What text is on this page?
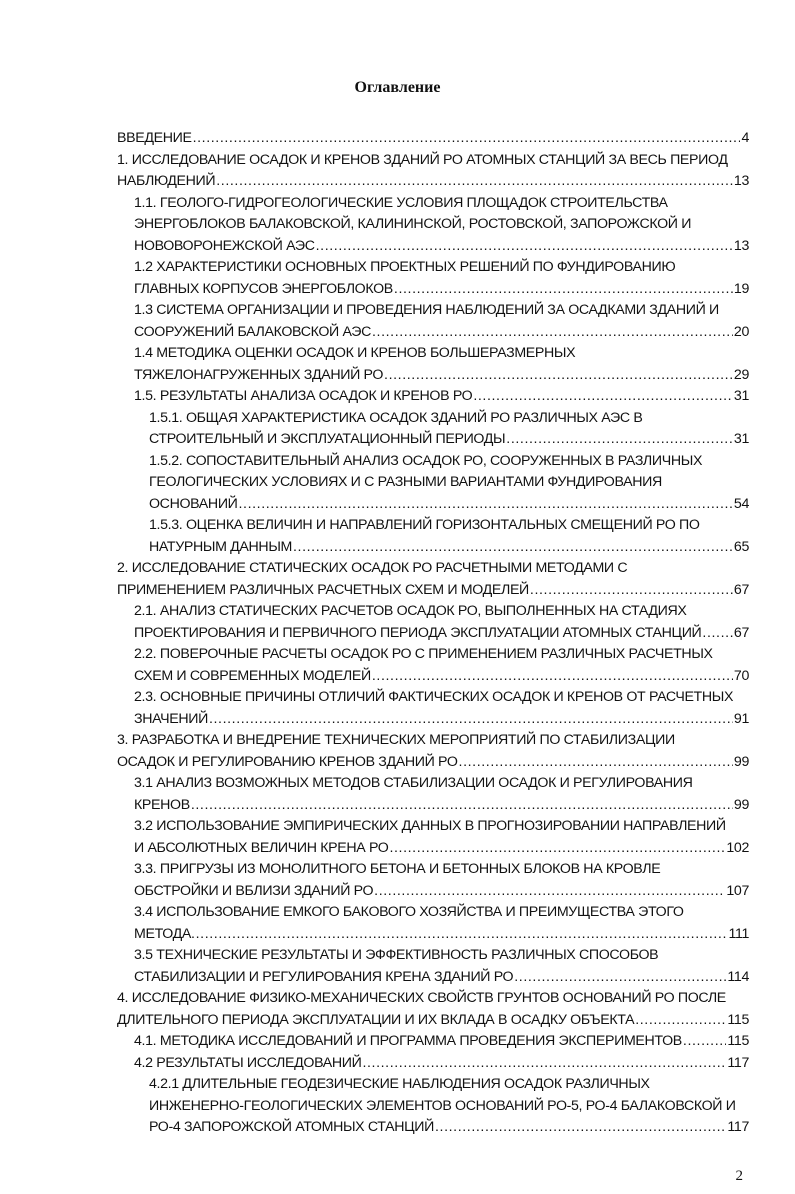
Оглавление
ВВЕДЕНИЕ .....	4
1. ИССЛЕДОВАНИЕ ОСАДОК И КРЕНОВ ЗДАНИЙ РО АТОМНЫХ СТАНЦИЙ ЗА ВЕСЬ ПЕРИОД
НАБЛЮДЕНИЙ .....	13
1.1. ГЕОЛОГО-ГИДРОГЕОЛОГИЧЕСКИЕ УСЛОВИЯ ПЛОЩАДОК СТРОИТЕЛЬСТВА
ЭНЕРГОБЛОКОВ БАЛАКОВСКОЙ, КАЛИНИНСКОЙ, РОСТОВСКОЙ, ЗАПОРОЖСКОЙ И
НОВОВОРОНЕЖСКОЙ АЭС .....	13
1.2 ХАРАКТЕРИСТИКИ ОСНОВНЫХ ПРОЕКТНЫХ РЕШЕНИЙ ПО ФУНДИРОВАНИЮ
ГЛАВНЫХ КОРПУСОВ ЭНЕРГОБЛОКОВ .....	19
1.3 СИСТЕМА ОРГАНИЗАЦИИ И ПРОВЕДЕНИЯ НАБЛЮДЕНИЙ ЗА ОСАДКАМИ ЗДАНИЙ И
СООРУЖЕНИЙ БАЛАКОВСКОЙ АЭС .....	20
1.4 МЕТОДИКА ОЦЕНКИ ОСАДОК И КРЕНОВ БОЛЬШЕРАЗМЕРНЫХ
ТЯЖЕЛОНАГРУЖЕННЫХ ЗДАНИЙ РО .....	29
1.5. РЕЗУЛЬТАТЫ АНАЛИЗА ОСАДОК И КРЕНОВ РО .....	31
1.5.1. ОБЩАЯ ХАРАКТЕРИСТИКА ОСАДОК ЗДАНИЙ РО РАЗЛИЧНЫХ АЭС В
СТРОИТЕЛЬНЫЙ И ЭКСПЛУАТАЦИОННЫЙ ПЕРИОДЫ .....	31
1.5.2. СОПОСТАВИТЕЛЬНЫЙ АНАЛИЗ ОСАДОК РО, СООРУЖЕННЫХ В РАЗЛИЧНЫХ
ГЕОЛОГИЧЕСКИХ УСЛОВИЯХ И С РАЗНЫМИ ВАРИАНТАМИ ФУНДИРОВАНИЯ
ОСНОВАНИЙ .....	54
1.5.3. ОЦЕНКА ВЕЛИЧИН И НАПРАВЛЕНИЙ ГОРИЗОНТАЛЬНЫХ СМЕЩЕНИЙ РО ПО
НАТУРНЫМ ДАННЫМ .....	65
2. ИССЛЕДОВАНИЕ СТАТИЧЕСКИХ ОСАДОК РО РАСЧЕТНЫМИ МЕТОДАМИ С
ПРИМЕНЕНИЕМ РАЗЛИЧНЫХ РАСЧЕТНЫХ СХЕМ И МОДЕЛЕЙ .....	67
2.1. АНАЛИЗ СТАТИЧЕСКИХ РАСЧЕТОВ ОСАДОК РО, ВЫПОЛНЕННЫХ НА СТАДИЯХ
ПРОЕКТИРОВАНИЯ И ПЕРВИЧНОГО ПЕРИОДА ЭКСПЛУАТАЦИИ АТОМНЫХ СТАНЦИЙ ..... 67
2.2. ПОВЕРОЧНЫЕ РАСЧЕТЫ ОСАДОК РО С ПРИМЕНЕНИЕМ РАЗЛИЧНЫХ РАСЧЕТНЫХ
СХЕМ И СОВРЕМЕННЫХ МОДЕЛЕЙ .....	70
2.3. ОСНОВНЫЕ ПРИЧИНЫ ОТЛИЧИЙ ФАКТИЧЕСКИХ ОСАДОК И КРЕНОВ ОТ РАСЧЕТНЫХ
ЗНАЧЕНИЙ .....	91
3. РАЗРАБОТКА И ВНЕДРЕНИЕ ТЕХНИЧЕСКИХ МЕРОПРИЯТИЙ ПО СТАБИЛИЗАЦИИ
ОСАДОК И РЕГУЛИРОВАНИЮ КРЕНОВ ЗДАНИЙ РО .....	99
3.1 АНАЛИЗ ВОЗМОЖНЫХ МЕТОДОВ СТАБИЛИЗАЦИИ ОСАДОК И РЕГУЛИРОВАНИЯ
КРЕНОВ .....	99
3.2 ИСПОЛЬЗОВАНИЕ ЭМПИРИЧЕСКИХ ДАННЫХ В ПРОГНОЗИРОВАНИИ НАПРАВЛЕНИЙ
И АБСОЛЮТНЫХ ВЕЛИЧИН КРЕНА РО .....	102
3.3. ПРИГРУЗЫ ИЗ МОНОЛИТНОГО БЕТОНА И БЕТОННЫХ БЛОКОВ НА КРОВЛЕ
ОБСТРОЙКИ И ВБЛИЗИ ЗДАНИЙ РО .....	107
3.4 ИСПОЛЬЗОВАНИЕ ЕМКОГО БАКОВОГО ХОЗЯЙСТВА И ПРЕИМУЩЕСТВА ЭТОГО
МЕТОДА. .....	111
3.5 ТЕХНИЧЕСКИЕ РЕЗУЛЬТАТЫ И ЭФФЕКТИВНОСТЬ РАЗЛИЧНЫХ СПОСОБОВ
СТАБИЛИЗАЦИИ И РЕГУЛИРОВАНИЯ КРЕНА ЗДАНИЙ РО .....	114
4. ИССЛЕДОВАНИЕ ФИЗИКО-МЕХАНИЧЕСКИХ СВОЙСТВ ГРУНТОВ ОСНОВАНИЙ РО ПОСЛЕ
ДЛИТЕЛЬНОГО ПЕРИОДА ЭКСПЛУАТАЦИИ И ИХ ВКЛАДА В ОСАДКУ ОБЪЕКТА .....	115
4.1. МЕТОДИКА ИССЛЕДОВАНИЙ И ПРОГРАММА ПРОВЕДЕНИЯ ЭКСПЕРИМЕНТОВ .....	115
4.2 РЕЗУЛЬТАТЫ ИССЛЕДОВАНИЙ .....	117
4.2.1 ДЛИТЕЛЬНЫЕ ГЕОДЕЗИЧЕСКИЕ НАБЛЮДЕНИЯ ОСАДОК РАЗЛИЧНЫХ
ИНЖЕНЕРНО-ГЕОЛОГИЧЕСКИХ ЭЛЕМЕНТОВ ОСНОВАНИЙ РО-5, РО-4 БАЛАКОВСКОЙ И
РО-4 ЗАПОРОЖСКОЙ АТОМНЫХ СТАНЦИЙ .....	117
2
